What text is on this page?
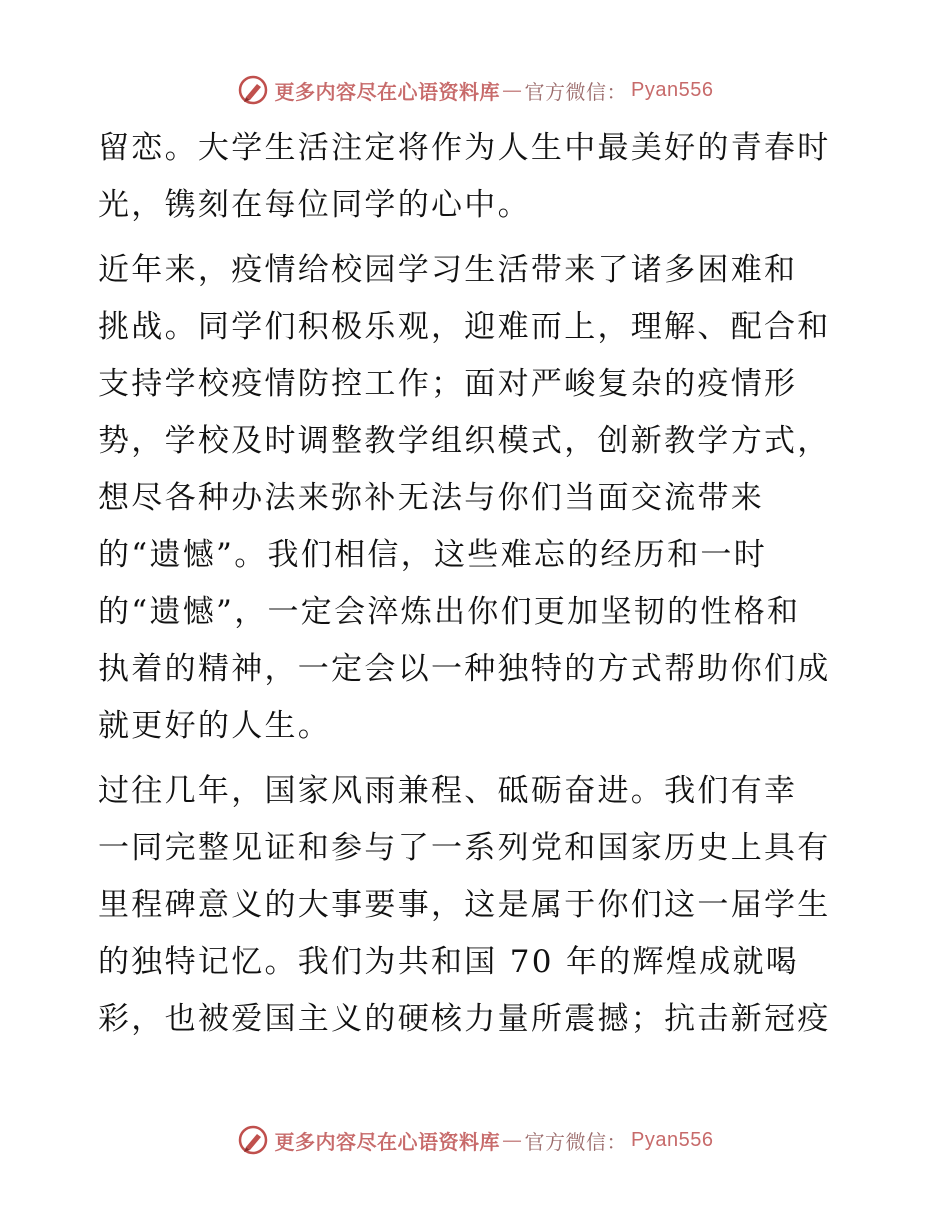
更多内容尽在心语资料库 — 官方微信： Pyan556
留恋。大学生活注定将作为人生中最美好的青春时
光，镌刻在每位同学的心中。
近年来，疫情给校园学习生活带来了诸多困难和
挑战。同学们积极乐观，迎难而上，理解、配合和
支持学校疫情防控工作；面对严峻复杂的疫情形
势，学校及时调整教学组织模式，创新教学方式，
想尽各种办法来弥补无法与你们当面交流带来
的“遗憾”。我们相信，这些难忘的经历和一时
的“遗憾”，一定会淬炼出你们更加坚韧的性格和
执着的精神，一定会以一种独特的方式帮助你们成
就更好的人生。
过往几年，国家风雨兼程、砥砺奋进。我们有幸
一同完整见证和参与了一系列党和国家历史上具有
里程碑意义的大事要事，这是属于你们这一届学生
的独特记忆。我们为共和国 70 年的辉煌成就喝
彩，也被爱国主义的硬核力量所震撼；抗击新冠疫
更多内容尽在心语资料库 — 官方微信： Pyan556
